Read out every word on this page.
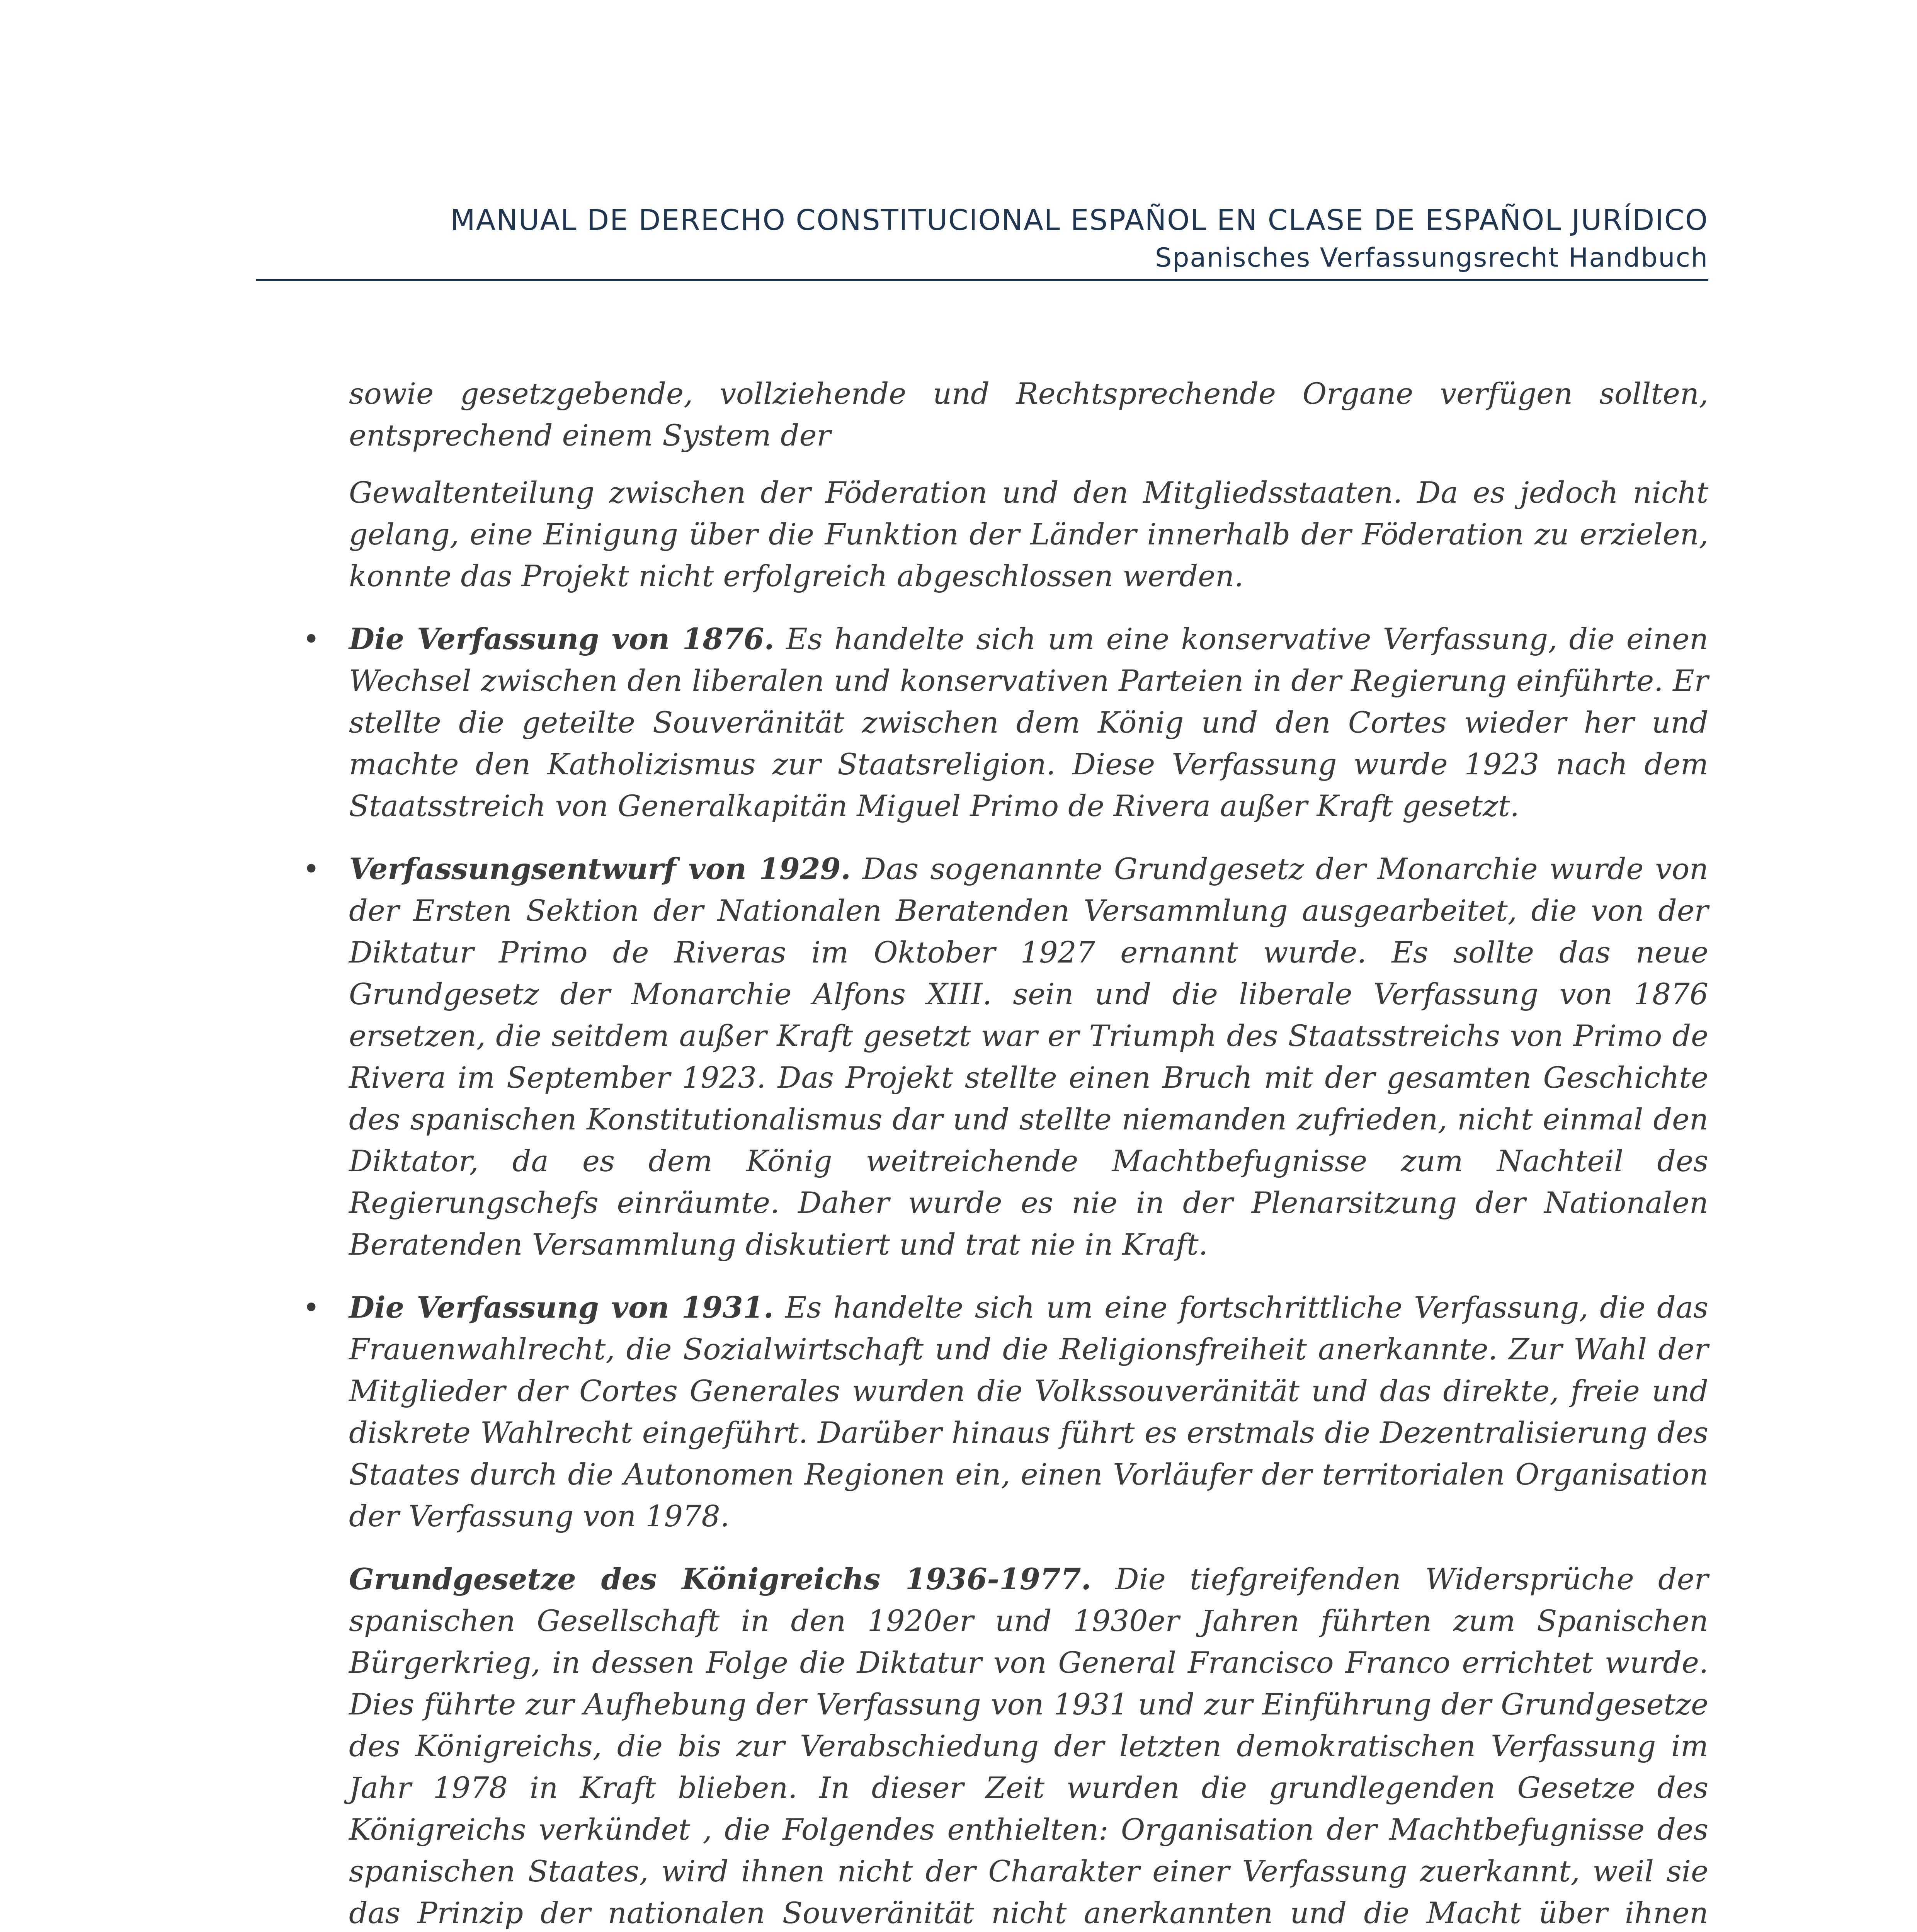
MANUAL DE DERECHO CONSTITUCIONAL ESPAÑOL EN CLASE DE ESPAÑOL JURÍDICO
Spanisches Verfassungsrecht Handbuch

sowie gesetzgebende, vollziehende und Rechtsprechende Organe verfügen sollten, entsprechend einem System der

Gewaltenteilung zwischen der Föderation und den Mitgliedsstaaten. Da es jedoch nicht gelang, eine Einigung über die Funktion der Länder innerhalb der Föderation zu erzielen, konnte das Projekt nicht erfolgreich abgeschlossen werden.

• Die Verfassung von 1876. Es handelte sich um eine konservative Verfassung, die einen Wechsel zwischen den liberalen und konservativen Parteien in der Regierung einführte. Er stellte die geteilte Souveränität zwischen dem König und den Cortes wieder her und machte den Katholizismus zur Staatsreligion. Diese Verfassung wurde 1923 nach dem Staatsstreich von Generalkapitän Miguel Primo de Rivera außer Kraft gesetzt.

• Verfassungsentwurf von 1929. Das sogenannte Grundgesetz der Monarchie wurde von der Ersten Sektion der Nationalen Beratenden Versammlung ausgearbeitet, die von der Diktatur Primo de Riveras im Oktober 1927 ernannt wurde. Es sollte das neue Grundgesetz der Monarchie Alfons XIII. sein und die liberale Verfassung von 1876 ersetzen, die seitdem außer Kraft gesetzt war er Triumph des Staatsstreichs von Primo de Rivera im September 1923. Das Projekt stellte einen Bruch mit der gesamten Geschichte des spanischen Konstitutionalismus dar und stellte niemanden zufrieden, nicht einmal den Diktator, da es dem König weitreichende Machtbefugnisse zum Nachteil des Regierungschefs einräumte. Daher wurde es nie in der Plenarsitzung der Nationalen Beratenden Versammlung diskutiert und trat nie in Kraft.

• Die Verfassung von 1931. Es handelte sich um eine fortschrittliche Verfassung, die das Frauenwahlrecht, die Sozialwirtschaft und die Religionsfreiheit anerkannte. Zur Wahl der Mitglieder der Cortes Generales wurden die Volkssouveränität und das direkte, freie und diskrete Wahlrecht eingeführt. Darüber hinaus führt es erstmals die Dezentralisierung des Staates durch die Autonomen Regionen ein, einen Vorläufer der territorialen Organisation der Verfassung von 1978.

Grundgesetze des Königreichs 1936-1977. Die tiefgreifenden Widersprüche der spanischen Gesellschaft in den 1920er und 1930er Jahren führten zum Spanischen Bürgerkrieg, in dessen Folge die Diktatur von General Francisco Franco errichtet wurde. Dies führte zur Aufhebung der Verfassung von 1931 und zur Einführung der Grundgesetze des Königreichs, die bis zur Verabschiedung der letzten demokratischen Verfassung im Jahr 1978 in Kraft blieben. In dieser Zeit wurden die grundlegenden Gesetze des Königreichs verkündet , die Folgendes enthielten: Organisation der Machtbefugnisse des spanischen Staates, wird ihnen nicht der Charakter einer Verfassung zuerkannt, weil sie das Prinzip der nationalen Souveränität nicht anerkannten und die Macht über ihnen
